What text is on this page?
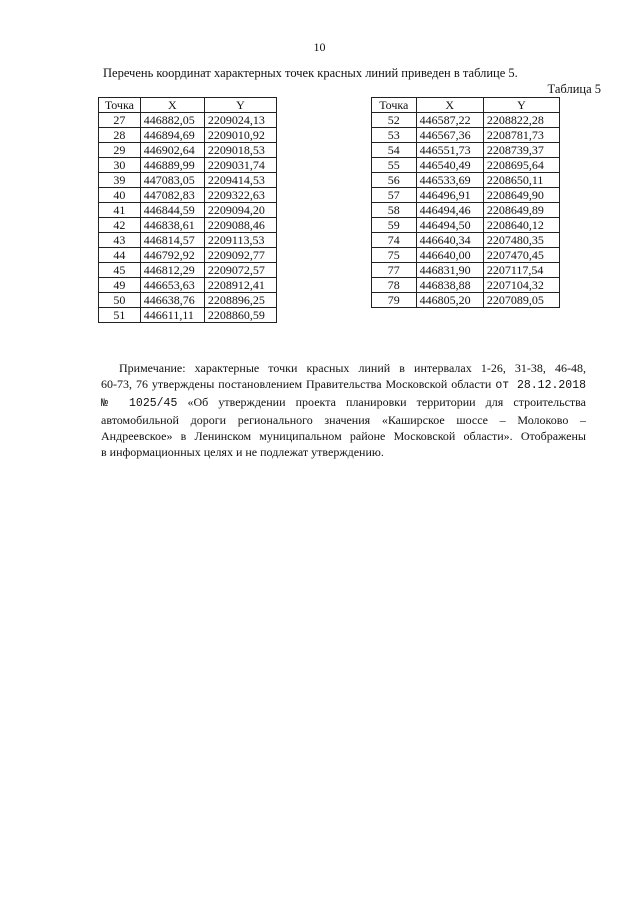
10
Перечень координат характерных точек красных линий приведен в таблице 5.
Таблица 5
Точка	X	Y
27	446882,05	2209024,13
28	446894,69	2209010,92
29	446902,64	2209018,53
30	446889,99	2209031,74
39	447083,05	2209414,53
40	447082,83	2209322,63
41	446844,59	2209094,20
42	446838,61	2209088,46
43	446814,57	2209113,53
44	446792,92	2209092,77
45	446812,29	2209072,57
49	446653,63	2208912,41
50	446638,76	2208896,25
51	446611,11	2208860,59
Точка	X	Y
52	446587,22	2208822,28
53	446567,36	2208781,73
54	446551,73	2208739,37
55	446540,49	2208695,64
56	446533,69	2208650,11
57	446496,91	2208649,90
58	446494,46	2208649,89
59	446494,50	2208640,12
74	446640,34	2207480,35
75	446640,00	2207470,45
77	446831,90	2207117,54
78	446838,88	2207104,32
79	446805,20	2207089,05
Примечание: характерные точки красных линий в интервалах 1-26, 31-38, 46-48,
60-73, 76 утверждены постановлением Правительства Московской области от 28.12.2018
№ 1025/45 «Об утверждении проекта планировки территории для строительства
автомобильной дороги регионального значения «Каширское шоссе – Молоково –
Андреевское» в Ленинском муниципальном районе Московской области». Отображены
в информационных целях и не подлежат утверждению.
